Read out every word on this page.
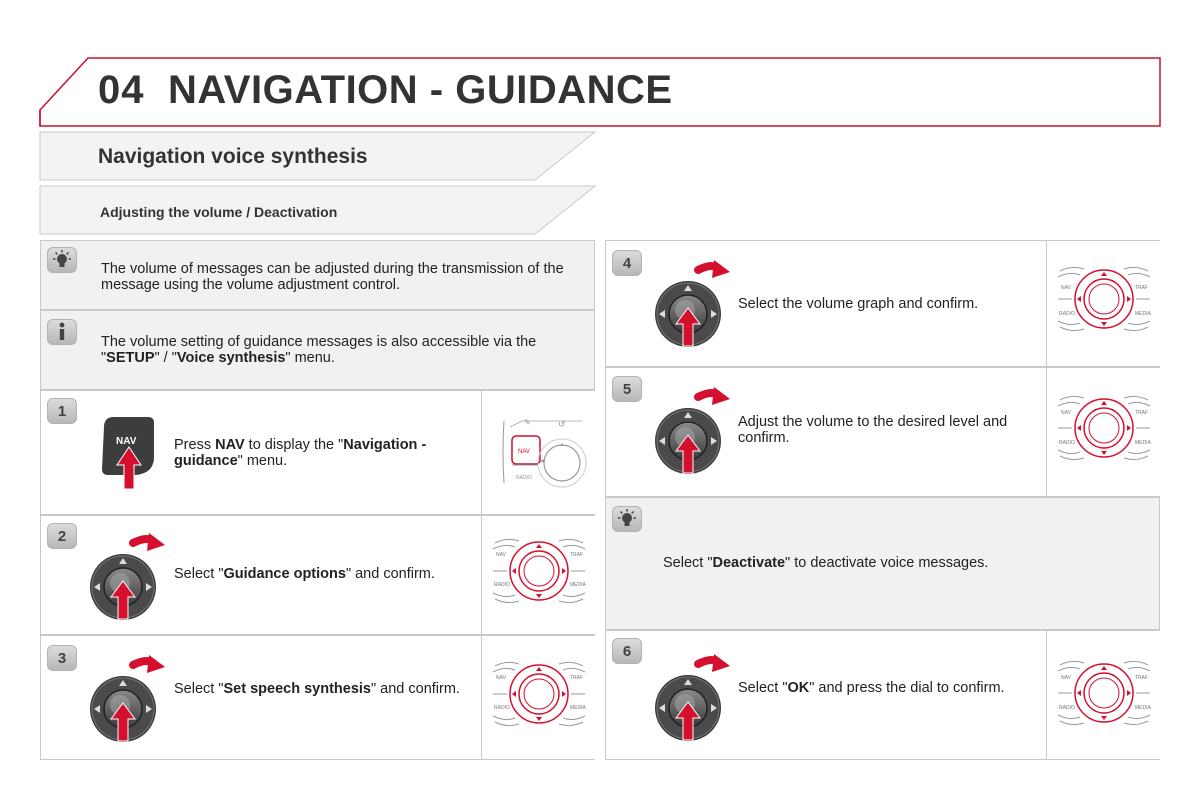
04 NAVIGATION - GUIDANCE
Navigation voice synthesis
Adjusting the volume / Deactivation
The volume of messages can be adjusted during the transmission of the message using the volume adjustment control.
The volume setting of guidance messages is also accessible via the "SETUP" / "Voice synthesis" menu.
1
NAV	Press NAV to display the "Navigation - guidance" menu.
✎	↺
NAV
RADIO
2
Select "Guidance options" and confirm.
NAV	TRAF
RADIO	MEDIA
3
Select "Set speech synthesis" and confirm.
NAV	TRAF
RADIO	MEDIA
4
Select the volume graph and confirm.
NAV	TRAF
RADIO	MEDIA
5
Adjust the volume to the desired level and confirm.
NAV	TRAF
RADIO	MEDIA
Select "Deactivate" to deactivate voice messages.
6
Select "OK" and press the dial to confirm.
NAV	TRAF
RADIO	MEDIA
